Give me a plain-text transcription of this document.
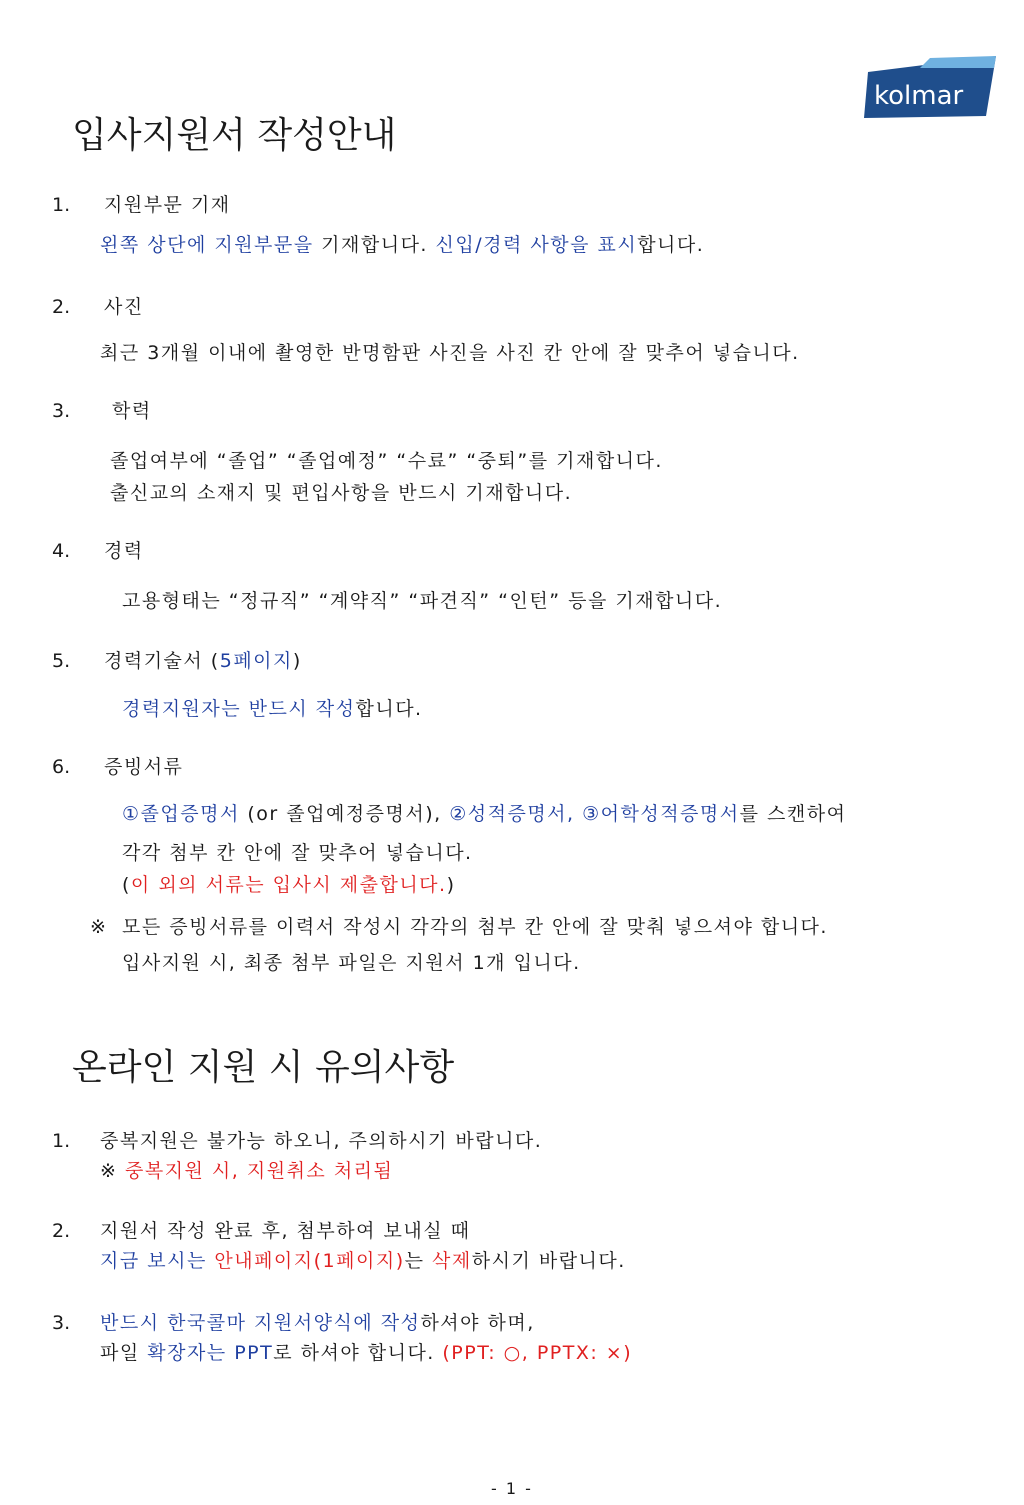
kolmar
입사지원서 작성안내
1. 지원부문 기재
왼쪽 상단에 지원부문을 기재합니다. 신입/경력 사항을 표시합니다.
2. 사진
최근 3개월 이내에 촬영한 반명함판 사진을 사진 칸 안에 잘 맞추어 넣습니다.
3. 학력
졸업여부에 “졸업” “졸업예정” “수료” “중퇴”를 기재합니다.
출신교의 소재지 및 편입사항을 반드시 기재합니다.
4. 경력
고용형태는 “정규직” “계약직” “파견직” “인턴” 등을 기재합니다.
5. 경력기술서 (5페이지)
경력지원자는 반드시 작성합니다.
6. 증빙서류
①졸업증명서 (or 졸업예정증명서), ②성적증명서, ③어학성적증명서를 스캔하여
각각 첨부 칸 안에 잘 맞추어 넣습니다.
(이 외의 서류는 입사시 제출합니다.)
※ 모든 증빙서류를 이력서 작성시 각각의 첨부 칸 안에 잘 맞춰 넣으셔야 합니다.
입사지원 시, 최종 첨부 파일은 지원서 1개 입니다.
온라인 지원 시 유의사항
1. 중복지원은 불가능 하오니, 주의하시기 바랍니다.
※ 중복지원 시, 지원취소 처리됨
2. 지원서 작성 완료 후, 첨부하여 보내실 때
지금 보시는 안내페이지(1페이지)는 삭제하시기 바랍니다.
3. 반드시 한국콜마 지원서양식에 작성하셔야 하며,
파일 확장자는 PPT로 하셔야 합니다. (PPT: ○, PPTX: ×)
- 1 -
